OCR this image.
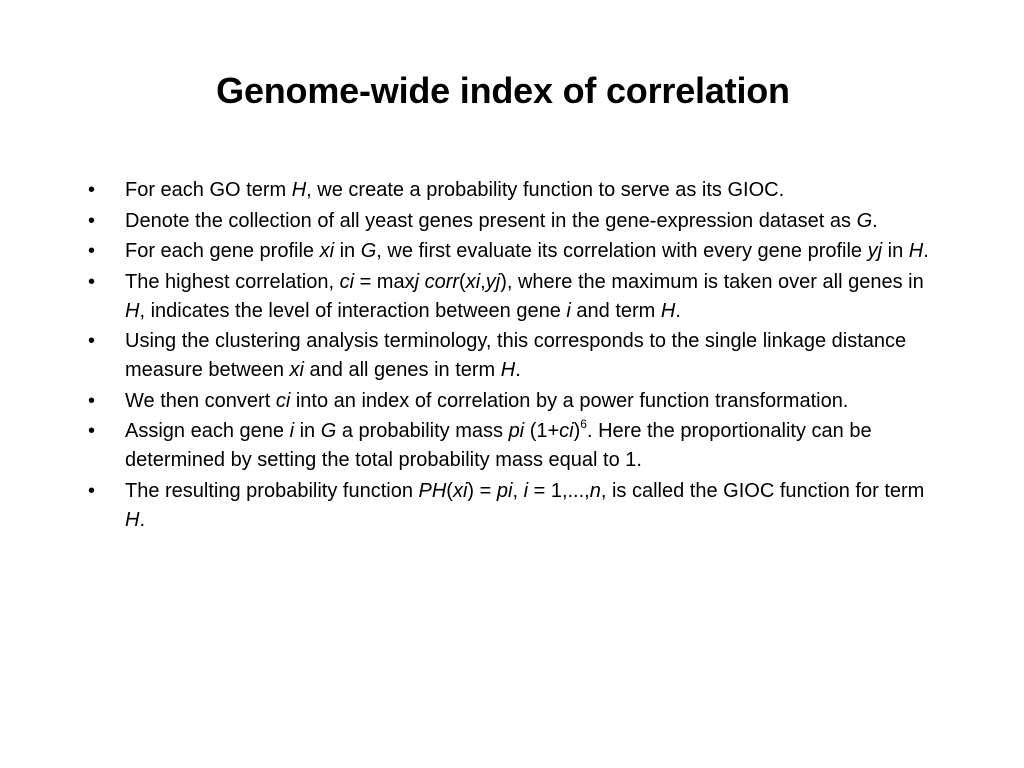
Genome-wide index of correlation
• For each GO term H, we create a probability function to serve as its GIOC.
• Denote the collection of all yeast genes present in the gene-expression dataset as G.
• For each gene profile xi in G, we first evaluate its correlation with every gene profile yj in H.
• The highest correlation, ci = maxj corr(xi,yj), where the maximum is taken over all genes in H, indicates the level of interaction between gene i and term H.
• Using the clustering analysis terminology, this corresponds to the single linkage distance measure between xi and all genes in term H.
• We then convert ci into an index of correlation by a power function transformation.
• Assign each gene i in G a probability mass pi $(1+ci)^6$. Here the proportionality can be determined by setting the total probability mass equal to 1.
• The resulting probability function PH(xi) = pi, i = 1,...,n, is called the GIOC function for term H.
